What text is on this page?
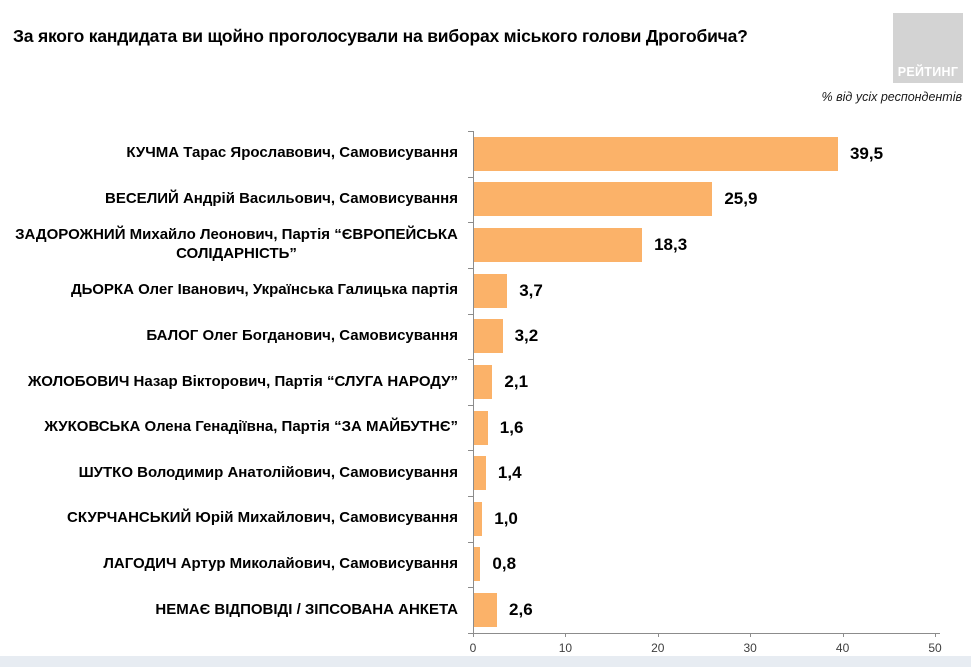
За якого кандидата ви щойно проголосували на виборах міського голови Дрогобича?
РЕЙТИНГ
% від усіх респондентів
КУЧМА Тарас Ярославович, Самовисування	39,5
ВЕСЕЛИЙ Андрій Васильович, Самовисування	25,9
ЗАДОРОЖНИЙ Михайло Леонович, Партія “ЄВРОПЕЙСЬКА СОЛІДАРНІСТЬ”	18,3
ДЬОРКА Олег Іванович, Українська Галицька партія	3,7
БАЛОГ Олег Богданович, Самовисування	3,2
ЖОЛОБОВИЧ Назар Вікторович, Партія “СЛУГА НАРОДУ”	2,1
ЖУКОВСЬКА Олена Генадіївна, Партія “ЗА МАЙБУТНЄ” 1,6
ШУТКО Володимир Анатолійович, Самовисування 1,4
СКУРЧАНСЬКИЙ Юрій Михайлович, Самовисування 1,0
ЛАГОДИЧ Артур Миколайович, Самовисування 0,8
НЕМАЄ ВІДПОВІДІ / ЗІПСОВАНА АНКЕТА	2,6
0	10	20	30	40	50
